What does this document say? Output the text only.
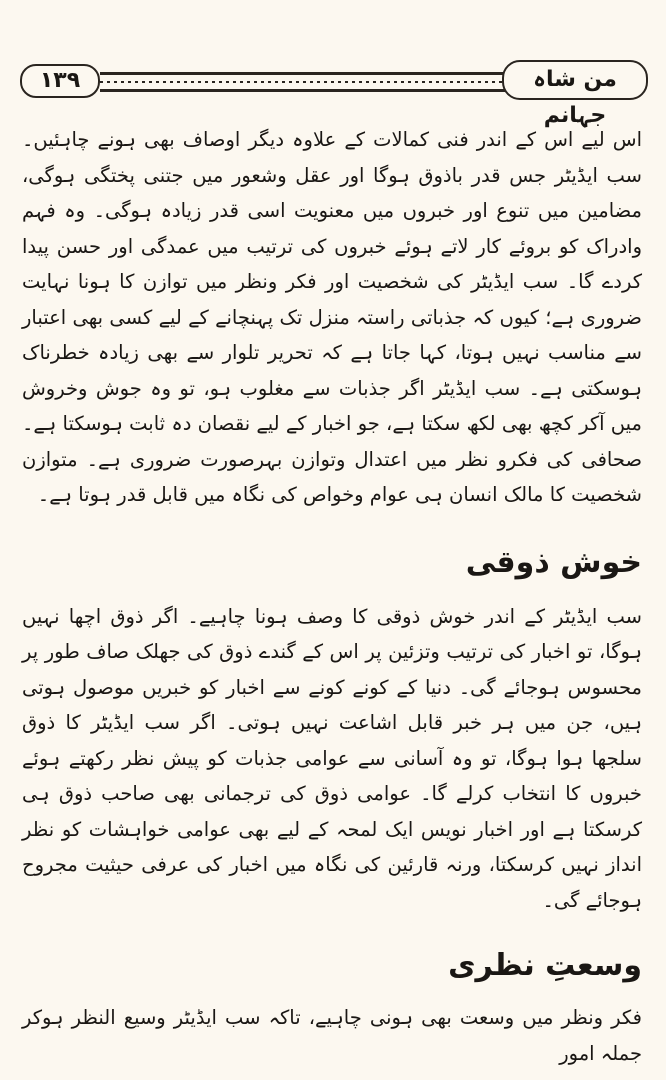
۱۳۹	من شاہ جہانم

اس لیے اس کے اندر فنی کمالات کے علاوہ دیگر اوصاف بھی ہونے چاہئیں۔ سب ایڈیٹر جس قدر باذوق ہوگا اور عقل وشعور میں جتنی پختگی ہوگی، مضامین میں تنوع اور خبروں میں معنویت اسی قدر زیادہ ہوگی۔ وہ فہم وادراک کو بروئے کار لاتے ہوئے خبروں کی ترتیب میں عمدگی اور حسن پیدا کردے گا۔ سب ایڈیٹر کی شخصیت اور فکر ونظر میں توازن کا ہونا نہایت ضروری ہے؛ کیوں کہ جذباتی راستہ منزل تک پہنچانے کے لیے کسی بھی اعتبار سے مناسب نہیں ہوتا، کہا جاتا ہے کہ تحریر تلوار سے بھی زیادہ خطرناک ہوسکتی ہے۔ سب ایڈیٹر اگر جذبات سے مغلوب ہو، تو وہ جوش وخروش میں آکر کچھ بھی لکھ سکتا ہے، جو اخبار کے لیے نقصان دہ ثابت ہوسکتا ہے۔ صحافی کی فکرو نظر میں اعتدال وتوازن بہرصورت ضروری ہے۔ متوازن شخصیت کا مالک انسان ہی عوام وخواص کی نگاہ میں قابل قدر ہوتا ہے۔

خوش ذوقی

سب ایڈیٹر کے اندر خوش ذوقی کا وصف ہونا چاہیے۔ اگر ذوق اچھا نہیں ہوگا، تو اخبار کی ترتیب وتزئین پر اس کے گندے ذوق کی جھلک صاف طور پر محسوس ہوجائے گی۔ دنیا کے کونے کونے سے اخبار کو خبریں موصول ہوتی ہیں، جن میں ہر خبر قابل اشاعت نہیں ہوتی۔ اگر سب ایڈیٹر کا ذوق سلجھا ہوا ہوگا، تو وہ آسانی سے عوامی جذبات کو پیش نظر رکھتے ہوئے خبروں کا انتخاب کرلے گا۔ عوامی ذوق کی ترجمانی بھی صاحب ذوق ہی کرسکتا ہے اور اخبار نویس ایک لمحہ کے لیے بھی عوامی خواہشات کو نظر انداز نہیں کرسکتا، ورنہ قارئین کی نگاہ میں اخبار کی عرفی حیثیت مجروح ہوجائے گی۔

وسعتِ نظری

فکر ونظر میں وسعت بھی ہونی چاہیے، تاکہ سب ایڈیٹر وسیع النظر ہوکر جملہ امور
